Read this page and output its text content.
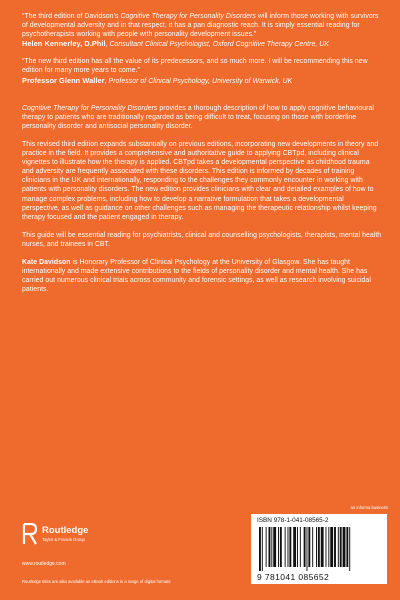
“The third edition of Davidson’s Cognitive Therapy for Personality Disorders will inform those working with survivors of developmental adversity and in that respect, it has a pan diagnostic reach. It is simply essential reading for psychotherapists working with people with personality development issues.”

Helen Kennerley, D.Phil, Consultant Clinical Psychologist, Oxford Cognitive Therapy Centre, UK

“The new third edition has all the value of its predecessors, and so much more. I will be recommending this new edition for many more years to come.”

Professor Glenn Waller, Professor of Clinical Psychology, University of Warwick, UK

Cognitive Therapy for Personality Disorders provides a thorough description of how to apply cognitive behavioural therapy to patients who are traditionally regarded as being difficult to treat, focusing on those with borderline personality disorder and antisocial personality disorder.

This revised third edition expands substantially on previous editions, incorporating new developments in theory and practice in the field. It provides a comprehensive and authoritative guide to applying CBTpd, including clinical vignettes to illustrate how the therapy is applied. CBTpd takes a developmental perspective as childhood trauma and adversity are frequently associated with these disorders. This edition is informed by decades of training clinicians in the UK and internationally, responding to the challenges they commonly encounter in working with patients with personality disorders. The new edition provides clinicians with clear and detailed examples of how to manage complex problems, including how to develop a narrative formulation that takes a developmental perspective, as well as guidance on other challenges such as managing the therapeutic relationship whilst keeping therapy focused and the patient engaged in therapy.

This guide will be essential reading for psychiatrists, clinical and counselling psychologists, therapists, mental health nurses, and trainees in CBT.

Kate Davidson is Honorary Professor of Clinical Psychology at the University of Glasgow. She has taught internationally and made extensive contributions to the fields of personality disorder and mental health. She has carried out numerous clinical trials across community and forensic settings, as well as research involving suicidal patients.

an informa business
Routledge
Taylor & Francis Group
www.routledge.com
Routledge titles are also available as eBook editions in a range of digital formats
ISBN 978-1-041-08565-2
9 781041 085652
